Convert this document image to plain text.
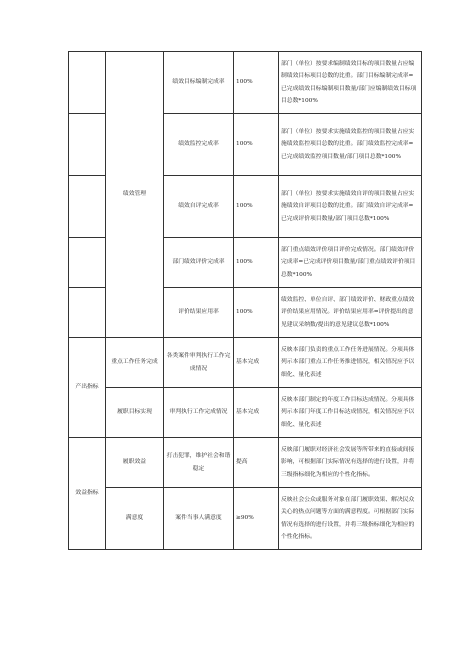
	绩效管理	绩效目标编制完成率	100%	部门（单位）按要求编制绩效目标的项目数量占应编制绩效目标项目总数的比重。部门目标编制完成率=已完成绩效目标编制项目数量/部门应编制绩效目标项目总数*100%
		绩效监控完成率	100%	部门（单位）按要求实施绩效监控的项目数量占应实施绩效监控项目总数的比重。部门绩效监控完成率=已完成绩效监控项目数量/部门项目总数*100%
		绩效自评完成率	100%	部门（单位）按要求实施绩效自评的项目数量占应实施绩效自评项目总数的比重。部门绩效自评完成率=已完成评价项目数量/部门项目总数*100%
		部门绩效评价完成率	100%	部门重点绩效评价项目评价完成情况。部门绩效评价完成率=已完成评价项目数量/部门重点绩效评价项目总数*100%
		评价结果应用率	100%	绩效监控、单位自评、部门绩效评价、财政重点绩效评价结果应用情况。评价结果应用率=评价提出的意见建议采纳数/提出的意见建议总数*100%
产出指标	重点工作任务完成	各类案件审判执行工作完成情况	基本完成	反映本部门负责的重点工作任务进展情况。分项具体列示本部门重点工作任务推进情况，相关情况应予以细化、量化表述
	履职目标实现	审判执行工作完成情况	基本完成	反映本部门制定的年度工作目标达成情况。分项具体列示本部门年度工作目标达成情况，相关情况应予以细化、量化表述
效益指标	履职效益	打击犯罪，维护社会和谐稳定	提高	反映部门履职对经济社会发展等所带来的直接或间接影响，可根据部门实际情况有选择的进行设置，并将三级指标细化为相应的个性化指标。
	满意度	案件当事人满意度	≥90%	反映社会公众或服务对象在部门履职效果、解决民众关心的热点问题等方面的满意程度。可根据部门实际情况有选择的进行设置，并将三级指标细化为相应的个性化指标。
